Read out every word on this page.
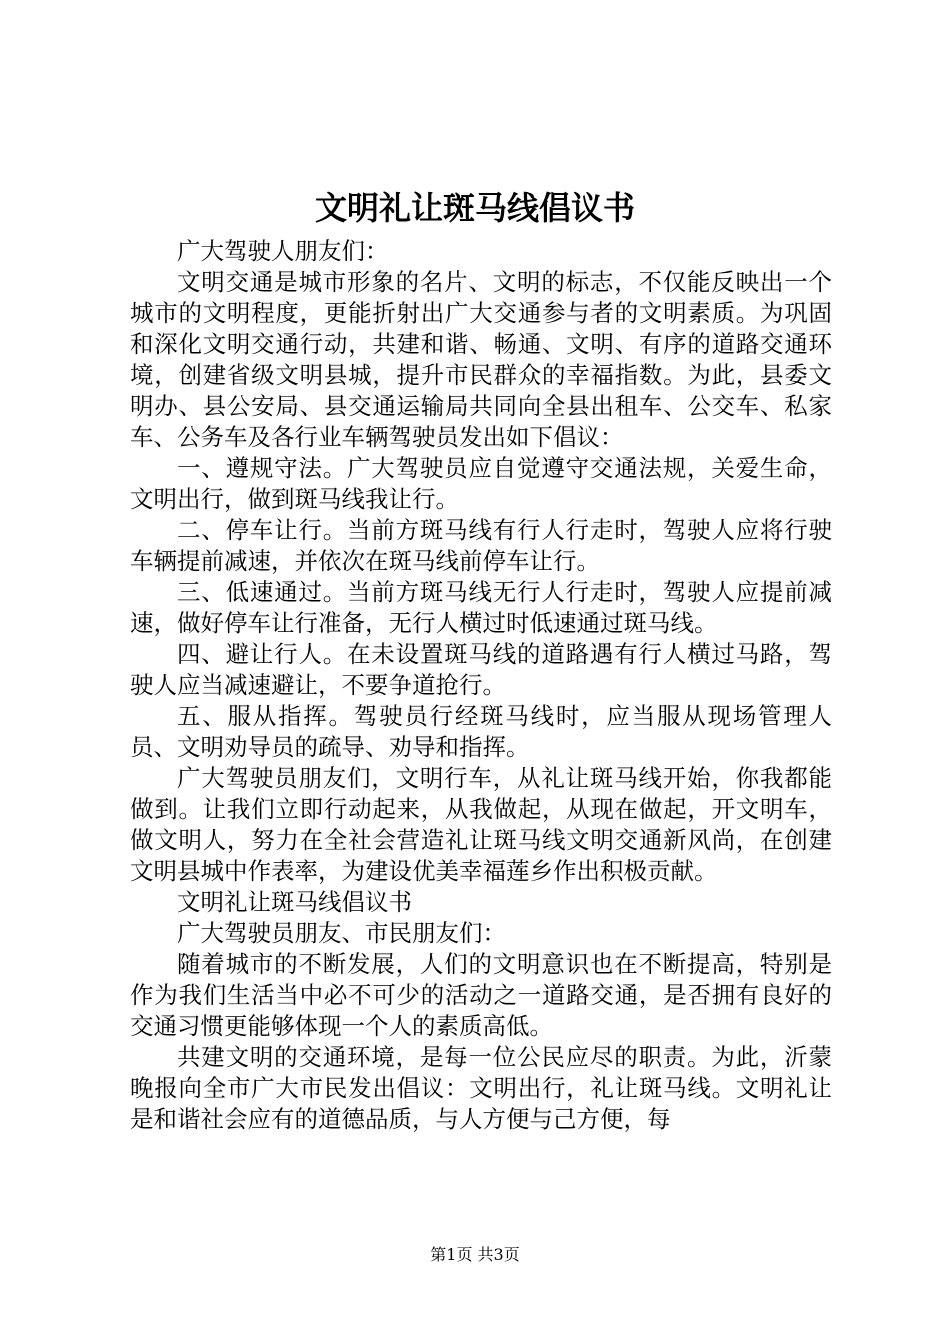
文明礼让斑马线倡议书

广大驾驶人朋友们：

文明交通是城市形象的名片、文明的标志，不仅能反映出一个城市的文明程度，更能折射出广大交通参与者的文明素质。为巩固和深化文明交通行动，共建和谐、畅通、文明、有序的道路交通环境，创建省级文明县城，提升市民群众的幸福指数。为此，县委文明办、县公安局、县交通运输局共同向全县出租车、公交车、私家车、公务车及各行业车辆驾驶员发出如下倡议：

一、遵规守法。广大驾驶员应自觉遵守交通法规，关爱生命，文明出行，做到斑马线我让行。

二、停车让行。当前方斑马线有行人行走时，驾驶人应将行驶车辆提前减速，并依次在斑马线前停车让行。

三、低速通过。当前方斑马线无行人行走时，驾驶人应提前减速，做好停车让行准备，无行人横过时低速通过斑马线。

四、避让行人。在未设置斑马线的道路遇有行人横过马路，驾驶人应当减速避让，不要争道抢行。

五、服从指挥。驾驶员行经斑马线时，应当服从现场管理人员、文明劝导员的疏导、劝导和指挥。

广大驾驶员朋友们，文明行车，从礼让斑马线开始，你我都能做到。让我们立即行动起来，从我做起，从现在做起，开文明车，做文明人，努力在全社会营造礼让斑马线文明交通新风尚，在创建文明县城中作表率，为建设优美幸福莲乡作出积极贡献。

文明礼让斑马线倡议书

广大驾驶员朋友、市民朋友们：

随着城市的不断发展，人们的文明意识也在不断提高，特别是作为我们生活当中必不可少的活动之一道路交通，是否拥有良好的交通习惯更能够体现一个人的素质高低。

共建文明的交通环境，是每一位公民应尽的职责。为此，沂蒙晚报向全市广大市民发出倡议：文明出行，礼让斑马线。文明礼让是和谐社会应有的道德品质，与人方便与己方便，每

第1页 共3页
